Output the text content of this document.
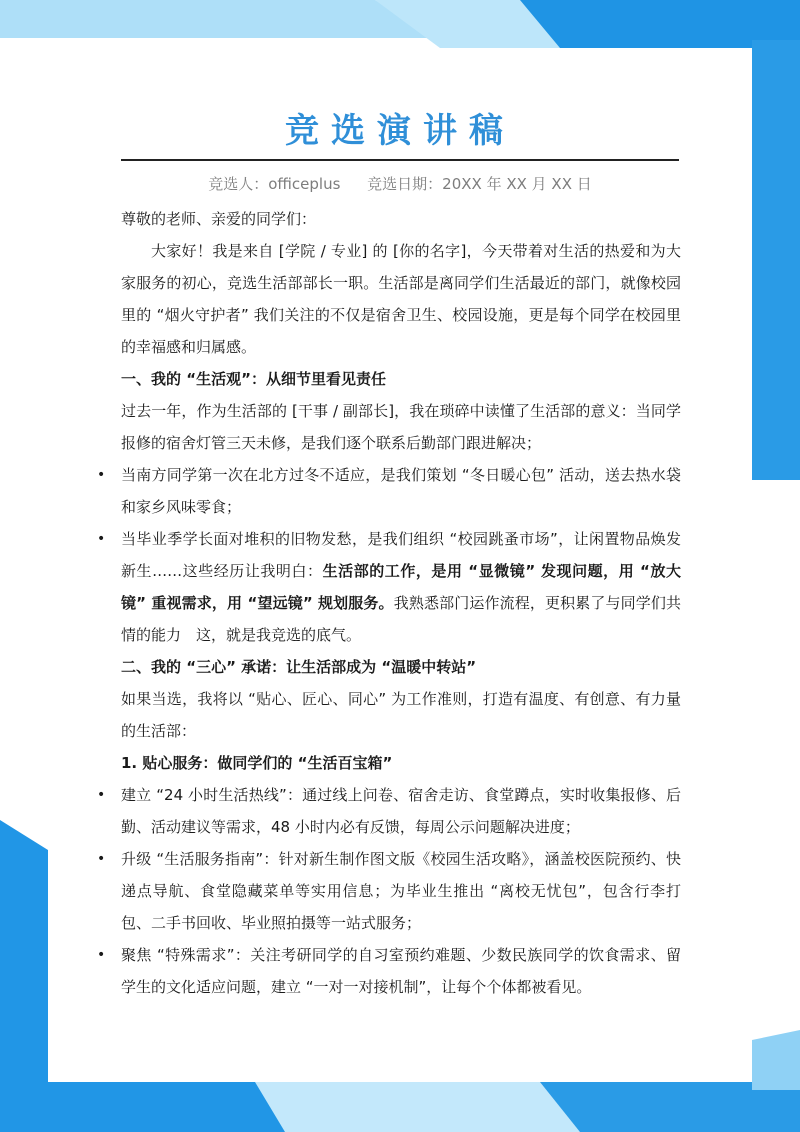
竞选演讲稿
竞选人：officeplus 竞选日期：20XX 年 XX 月 XX 日

尊敬的老师、亲爱的同学们：

大家好！我是来自 [学院 / 专业] 的 [你的名字]，今天带着对生活的热爱和为大家服务的初心，竞选生活部部长一职。生活部是离同学们生活最近的部门，就像校园里的 “烟火守护者” 我们关注的不仅是宿舍卫生、校园设施，更是每个同学在校园里的幸福感和归属感。

一、我的 “生活观”：从细节里看见责任

过去一年，作为生活部的 [干事 / 副部长]，我在琐碎中读懂了生活部的意义：当同学报修的宿舍灯管三天未修，是我们逐个联系后勤部门跟进解决；

• 当南方同学第一次在北方过冬不适应，是我们策划 “冬日暖心包” 活动，送去热水袋和家乡风味零食；
• 当毕业季学长面对堆积的旧物发愁，是我们组织 “校园跳蚤市场”，让闲置物品焕发新生……这些经历让我明白：生活部的工作，是用 “显微镜” 发现问题，用 “放大镜” 重视需求，用 “望远镜” 规划服务。我熟悉部门运作流程，更积累了与同学们共情的能力　这，就是我竞选的底气。

二、我的 “三心” 承诺：让生活部成为 “温暖中转站”

如果当选，我将以 “贴心、匠心、同心” 为工作准则，打造有温度、有创意、有力量的生活部：

1. 贴心服务：做同学们的 “生活百宝箱”

• 建立 “24 小时生活热线”：通过线上问卷、宿舍走访、食堂蹲点，实时收集报修、后勤、活动建议等需求，48 小时内必有反馈，每周公示问题解决进度；
• 升级 “生活服务指南”：针对新生制作图文版《校园生活攻略》，涵盖校医院预约、快递点导航、食堂隐藏菜单等实用信息；为毕业生推出 “离校无忧包”，包含行李打包、二手书回收、毕业照拍摄等一站式服务；
• 聚焦 “特殊需求”：关注考研同学的自习室预约难题、少数民族同学的饮食需求、留学生的文化适应问题，建立 “一对一对接机制”，让每个个体都被看见。
